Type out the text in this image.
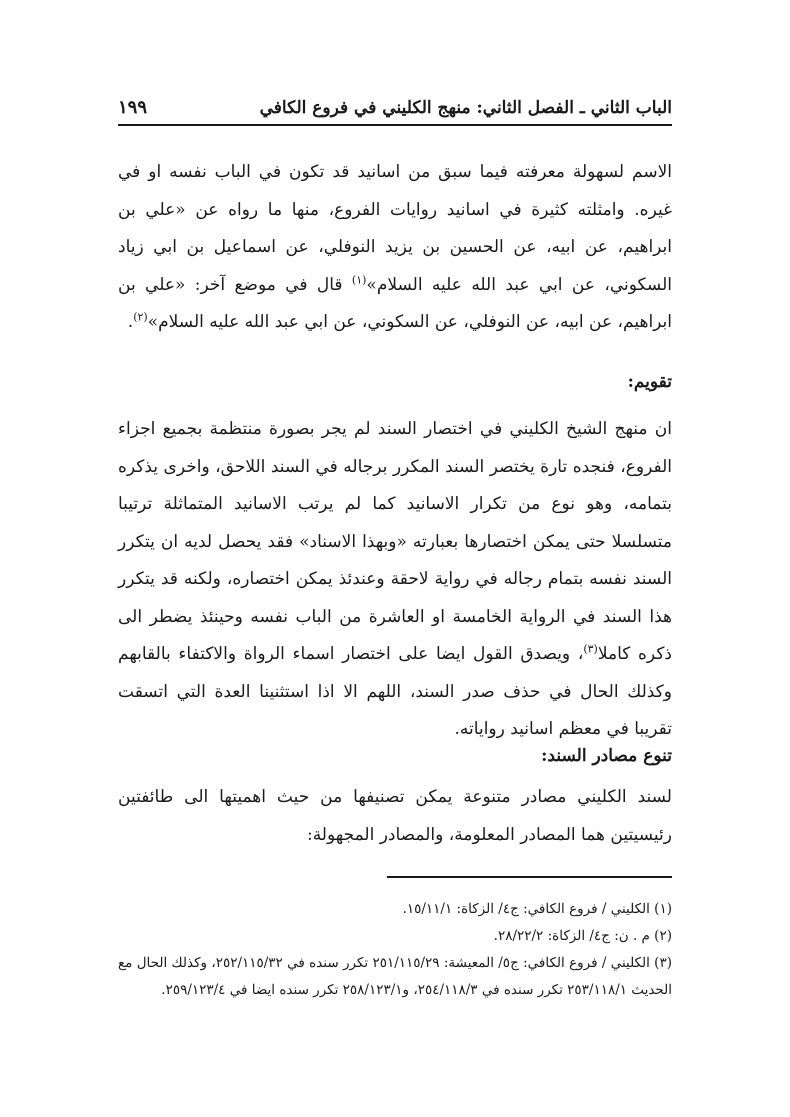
الباب الثاني ـ الفصل الثاني: منهج الكليني في فروع الكافي
١٩٩

الاسم لسهولة معرفته فيما سبق من اسانيد قد تكون في الباب نفسه او في غيره. وامثلته كثيرة في اسانيد روايات الفروع، منها ما رواه عن «علي بن ابراهيم، عن ابيه، عن الحسين بن يزيد النوفلي، عن اسماعيل بن ابي زياد السكوني، عن ابي عبد الله عليه السلام»$^{(١)}$ قال في موضع آخر: «علي بن ابراهيم، عن ابيه، عن النوفلي، عن السكوني، عن ابي عبد الله عليه السلام»$^{(٢)}$.

تقويم:

ان منهج الشيخ الكليني في اختصار السند لم يجر بصورة منتظمة بجميع اجزاء الفروع، فنجده تارة يختصر السند المكرر برجاله في السند اللاحق، واخرى يذكره بتمامه، وهو نوع من تكرار الاسانيد كما لم يرتب الاسانيد المتماثلة ترتيبا متسلسلا حتى يمكن اختصارها بعبارته «وبهذا الاسناد» فقد يحصل لديه ان يتكرر السند نفسه بتمام رجاله في رواية لاحقة وعندئذ يمكن اختصاره، ولكنه قد يتكرر هذا السند في الرواية الخامسة او العاشرة من الباب نفسه وحينئذ يضطر الى ذكره كاملا$^{(٣)}$، ويصدق القول ايضا على اختصار اسماء الرواة والاكتفاء بالقابهم وكذلك الحال في حذف صدر السند، اللهم الا اذا استثنينا العدة التي اتسقت تقريبا في معظم اسانيد رواياته.

تنوع مصادر السند:

لسند الكليني مصادر متنوعة يمكن تصنيفها من حيث اهميتها الى طائفتين رئيسيتين هما المصادر المعلومة، والمصادر المجهولة:

(١) الكليني / فروع الكافي: ج٤/ الزكاة: ١٥/١١/١.
(٢) م . ن: ج٤/ الزكاة: ٢٨/٢٢/٢.
(٣) الكليني / فروع الكافي: ج٥/ المعيشة: ٢٥١/١١٥/٢٩ تكرر سنده في ٢٥٢/١١٥/٣٢، وكذلك الحال مع الحديث ٢٥٣/١١٨/١ تكرر سنده في ٢٥٤/١١٨/٣، و٢٥٨/١٢٣/١ تكرر سنده ايضا في ٢٥٩/١٢٣/٤.
